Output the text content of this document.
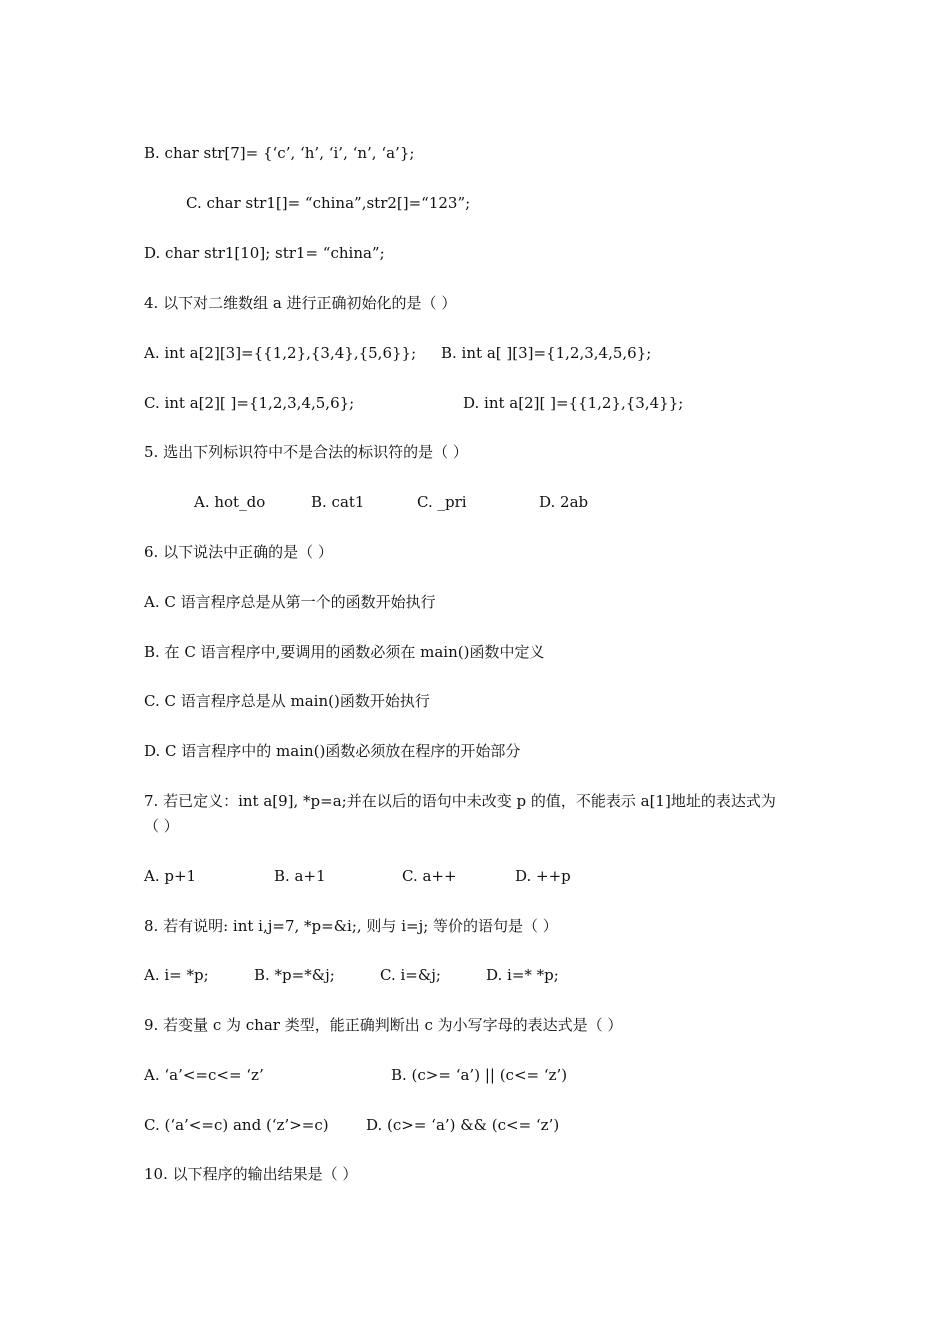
B. char str[7]= {‘c’, ‘h’, ‘i’, ‘n’, ‘a’};
C. char str1[]= “china”,str2[]=“123”;
D. char str1[10]; str1= “china”;
4. 以下对二维数组 a 进行正确初始化的是（ ）
A. int a[2][3]={{1,2},{3,4},{5,6}}; B. int a[ ][3]={1,2,3,4,5,6};
C. int a[2][ ]={1,2,3,4,5,6};	D. int a[2][ ]={{1,2},{3,4}};
5. 选出下列标识符中不是合法的标识符的是（ ）
A. hot_do	B. cat1	C. _pri	D. 2ab
6. 以下说法中正确的是（ ）
A. C 语言程序总是从第一个的函数开始执行
B. 在 C 语言程序中,要调用的函数必须在 main()函数中定义
C. C 语言程序总是从 main()函数开始执行
D. C 语言程序中的 main()函数必须放在程序的开始部分
7. 若已定义：int a[9], *p=a;并在以后的语句中未改变 p 的值，不能表示 a[1]地址的表达式为
（ ）
A. p+1	B. a+1	C. a++	D. ++p
8. 若有说明: int i,j=7, *p=&i;, 则与 i=j; 等价的语句是（ ）
A. i= *p;	B. *p=*&j;	C. i=&j;	D. i=* *p;
9. 若变量 c 为 char 类型，能正确判断出 c 为小写字母的表达式是（ ）
A. ‘a’<=c<= ‘z’	B. (c>= ‘a’) || (c<= ‘z’)
C. (‘a’<=c) and (‘z’>=c) D. (c>= ‘a’) && (c<= ‘z’)
10. 以下程序的输出结果是（ ）
